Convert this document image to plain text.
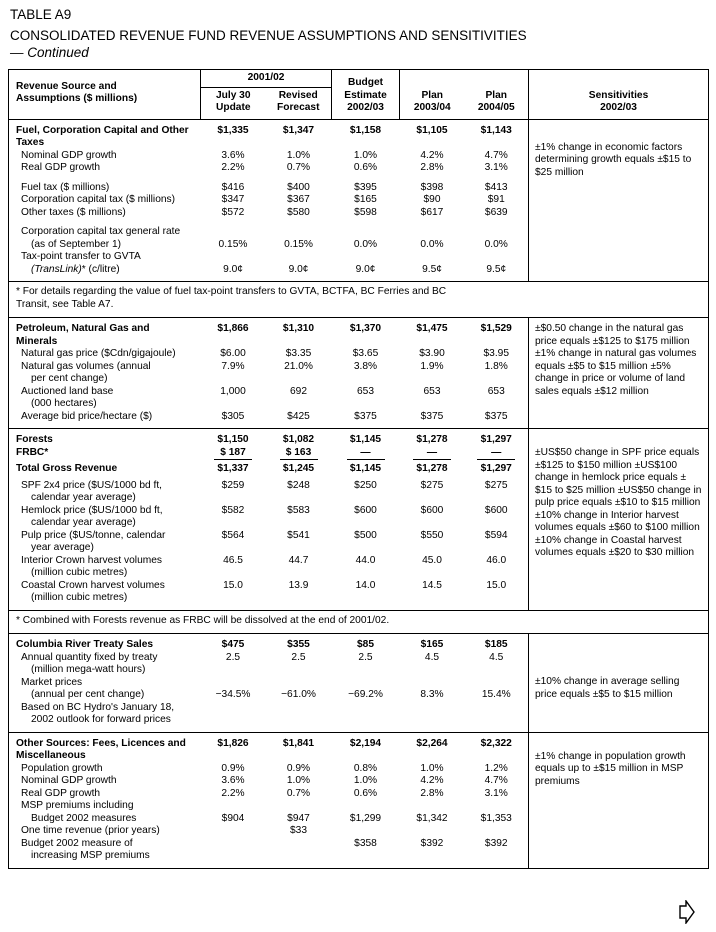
TABLE A9
CONSOLIDATED REVENUE FUND REVENUE ASSUMPTIONS AND SENSITIVITIES
— Continued
Revenue Source and Assumptions ($ millions)	2001/02		Budget Estimate 2002/03	Plan 2003/04	Plan 2004/05	Sensitivities 2002/03
	July 30 Update	Revised Forecast				
Fuel, Corporation Capital and Other Taxes	$1,335	$1,347	$1,158	$1,105	$1,143	±1% change in economic factors determining growth equals ±$15 to $25 million
Nominal GDP growth	3.6%	1.0%	1.0%	4.2%	4.7%	
Real GDP growth	2.2%	0.7%	0.6%	2.8%	3.1%	

Fuel tax ($ millions)	$416	$400	$395	$398	$413	
Corporation capital tax ($ millions)	$347	$367	$165	$90	$91	
Other taxes ($ millions)	$572	$580	$598	$617	$639	

Corporation capital tax general rate
(as of September 1)	0.15%	0.15%	0.0%	0.0%	0.0%	
Tax-point transfer to GVTA
(TransLink)* (c/litre)	9.0¢	9.0¢	9.0¢	9.5¢	9.5¢	
* For details regarding the value of fuel tax-point transfers to GVTA, BCTFA, BC Ferries and BC Transit, see Table A7.						
Petroleum, Natural Gas and Minerals	$1,866	$1,310	$1,370	$1,475	$1,529	±$0.50 change in the natural gas price equals ±$125 to $175 million ±1% change in natural gas volumes equals ±$5 to $15 million ±5% change in price or volume of land sales equals ±$12 million
Natural gas price ($Cdn/gigajoule)	$6.00	$3.35	$3.65	$3.90	$3.95	
Natural gas volumes (annual
per cent change)	7.9%	21.0%	3.8%	1.9%	1.8%	
Auctioned land base
(000 hectares)	1,000	692	653	653	653	
Average bid price/hectare ($)	$305	$425	$375	$375	$375	
Forests	$1,150	$1,082	$1,145	$1,278	$1,297	±US$50 change in SPF price equals ±$125 to $150 million ±US$100 change in hemlock price equals ±$15 to $25 million ±US$50 change in pulp price equals ±$10 to $15 million ±10% change in Interior harvest volumes equals ±$60 to $100 million ±10% change in Coastal harvest volumes equals ±$20 to $30 million
FRBC*	$ 187	$ 163	—	—	—	
Total Gross Revenue	$1,337	$1,245	$1,145	$1,278	$1,297	
SPF 2x4 price ($US/1000 bd ft,
calendar year average)	$259	$248	$250	$275	$275	
Hemlock price ($US/1000 bd ft,
calendar year average)	$582	$583	$600	$600	$600	
Pulp price ($US/tonne, calendar
year average)	$564	$541	$500	$550	$594	
Interior Crown harvest volumes
(million cubic metres)	46.5	44.7	44.0	45.0	46.0	
Coastal Crown harvest volumes
(million cubic metres)	15.0	13.9	14.0	14.5	15.0	
* Combined with Forests revenue as FRBC will be dissolved at the end of 2001/02.						
Columbia River Treaty Sales	$475	$355	$85	$165	$185	±10% change in average selling price equals ±$5 to $15 million
Annual quantity fixed by treaty
(million mega-watt hours)	2.5	2.5	2.5	4.5	4.5	
Market prices
(annual per cent change)	−34.5%	−61.0%	−69.2%	8.3%	15.4%	
Based on BC Hydro's January 18,
2002 outlook for forward prices						
Other Sources: Fees, Licences and Miscellaneous	$1,826	$1,841	$2,194	$2,264	$2,322	±1% change in population growth equals up to ±$15 million in MSP premiums
Population growth	0.9%	0.9%	0.8%	1.0%	1.2%	
Nominal GDP growth	3.6%	1.0%	1.0%	4.2%	4.7%	
Real GDP growth	2.2%	0.7%	0.6%	2.8%	3.1%	
MSP premiums including
Budget 2002 measures	$904	$947	$1,299	$1,342	$1,353	
One time revenue (prior years)		$33				
Budget 2002 measure of
increasing MSP premiums			$358	$392	$392	
